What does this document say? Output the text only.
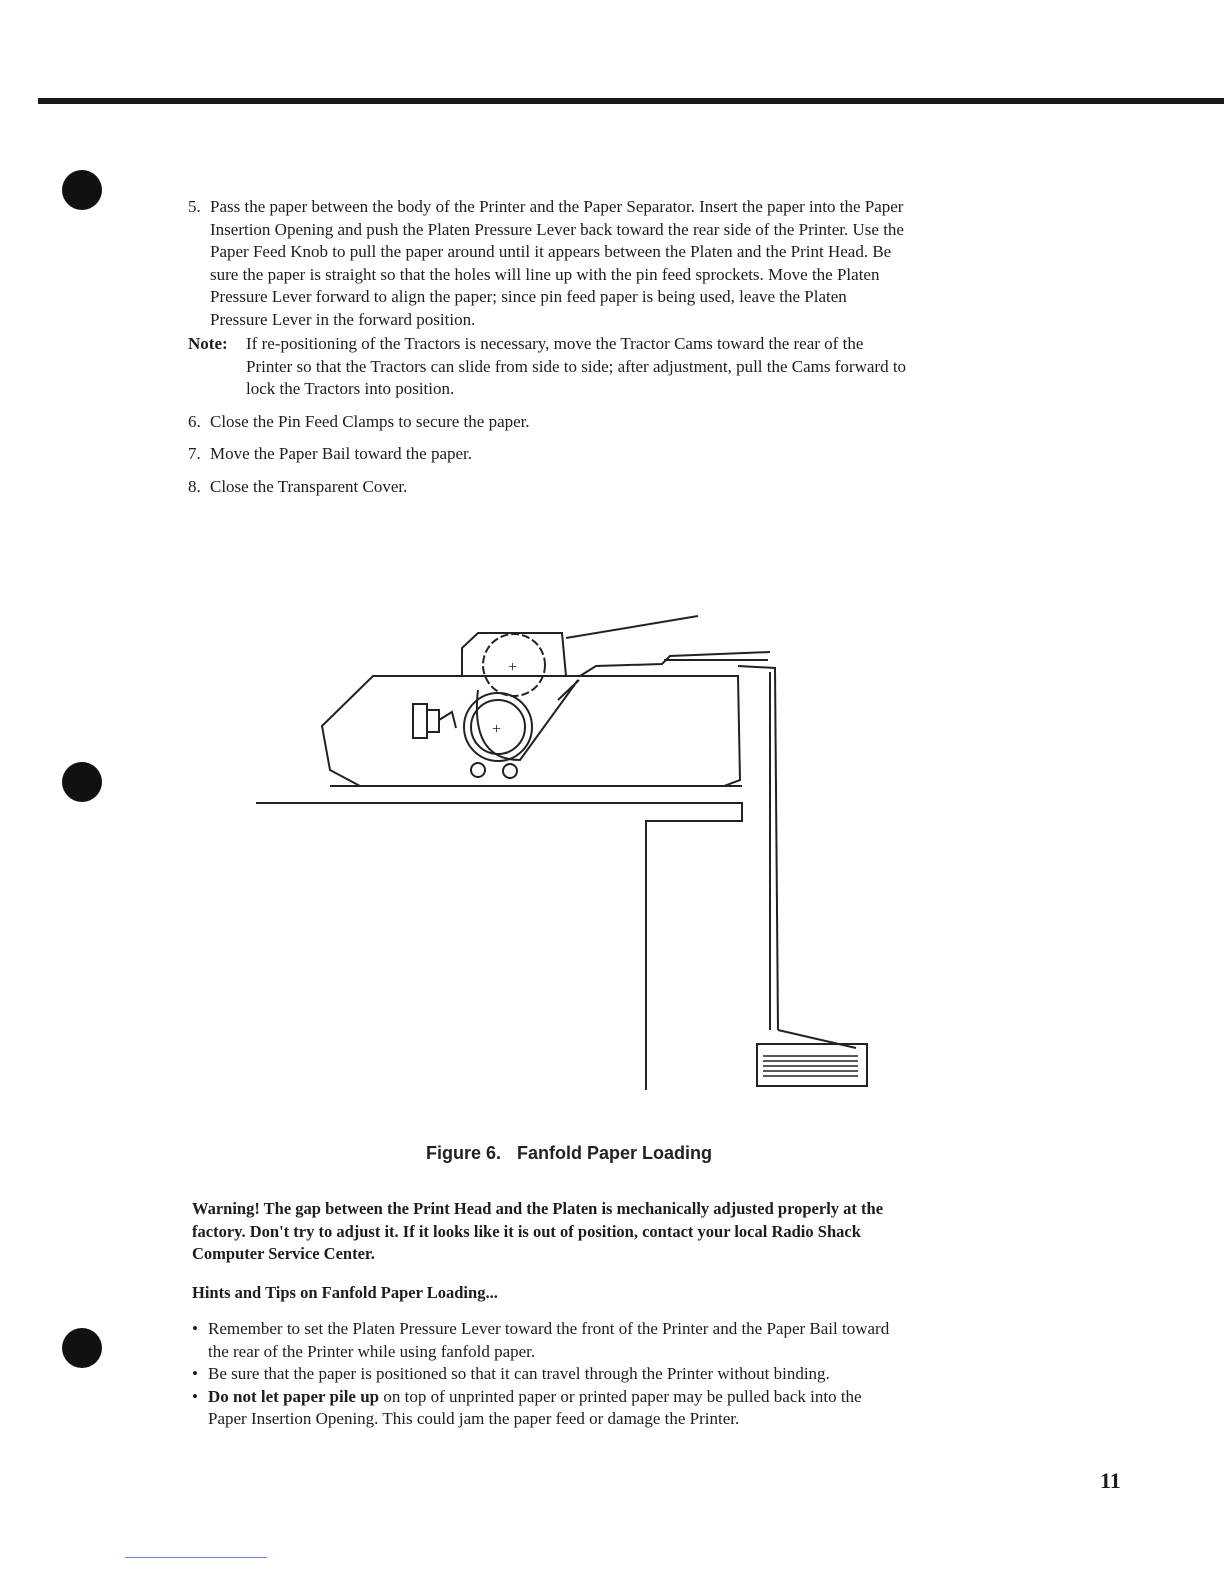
5. Pass the paper between the body of the Printer and the Paper Separator. Insert the paper into the Paper Insertion Opening and push the Platen Pressure Lever back toward the rear side of the Printer. Use the Paper Feed Knob to pull the paper around until it appears between the Platen and the Print Head. Be sure the paper is straight so that the holes will line up with the pin feed sprockets. Move the Platen Pressure Lever forward to align the paper; since pin feed paper is being used, leave the Platen Pressure Lever in the forward position.
Note: If re-positioning of the Tractors is necessary, move the Tractor Cams toward the rear of the Printer so that the Tractors can slide from side to side; after adjustment, pull the Cams forward to lock the Tractors into position.
6. Close the Pin Feed Clamps to secure the paper.
7. Move the Paper Bail toward the paper.
8. Close the Transparent Cover.
+
+
Figure 6. Fanfold Paper Loading
Warning! The gap between the Print Head and the Platen is mechanically adjusted properly at the factory. Don't try to adjust it. If it looks like it is out of position, contact your local Radio Shack Computer Service Center.
Hints and Tips on Fanfold Paper Loading...
• Remember to set the Platen Pressure Lever toward the front of the Printer and the Paper Bail toward the rear of the Printer while using fanfold paper.
• Be sure that the paper is positioned so that it can travel through the Printer without binding.
• Do not let paper pile up on top of unprinted paper or printed paper may be pulled back into the Paper Insertion Opening. This could jam the paper feed or damage the Printer.
11
